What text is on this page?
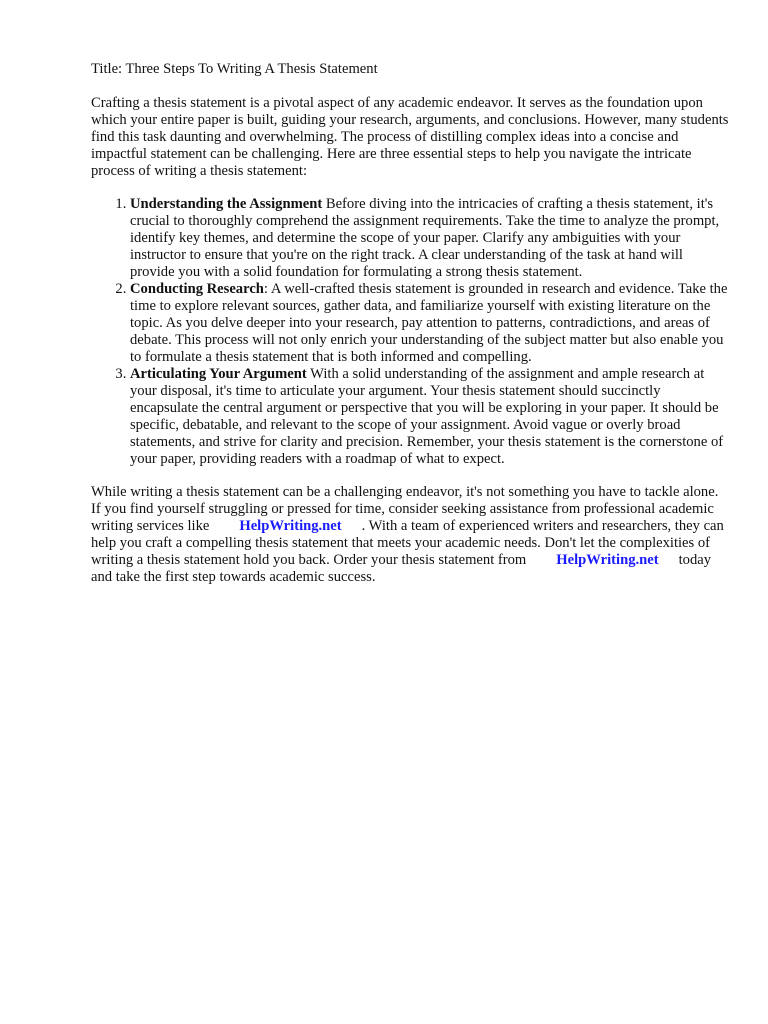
Title: Three Steps To Writing A Thesis Statement

Crafting a thesis statement is a pivotal aspect of any academic endeavor. It serves as the foundation upon which your entire paper is built, guiding your research, arguments, and conclusions. However, many students find this task daunting and overwhelming. The process of distilling complex ideas into a concise and impactful statement can be challenging. Here are three essential steps to help you navigate the intricate process of writing a thesis statement:

1. Understanding the Assignment Before diving into the intricacies of crafting a thesis statement, it's crucial to thoroughly comprehend the assignment requirements. Take the time to analyze the prompt, identify key themes, and determine the scope of your paper. Clarify any ambiguities with your instructor to ensure that you're on the right track. A clear understanding of the task at hand will provide you with a solid foundation for formulating a strong thesis statement.
2. Conducting Research: A well-crafted thesis statement is grounded in research and evidence. Take the time to explore relevant sources, gather data, and familiarize yourself with existing literature on the topic. As you delve deeper into your research, pay attention to patterns, contradictions, and areas of debate. This process will not only enrich your understanding of the subject matter but also enable you to formulate a thesis statement that is both informed and compelling.
3. Articulating Your Argument With a solid understanding of the assignment and ample research at your disposal, it's time to articulate your argument. Your thesis statement should succinctly encapsulate the central argument or perspective that you will be exploring in your paper. It should be specific, debatable, and relevant to the scope of your assignment. Avoid vague or overly broad statements, and strive for clarity and precision. Remember, your thesis statement is the cornerstone of your paper, providing readers with a roadmap of what to expect.

While writing a thesis statement can be a challenging endeavor, it's not something you have to tackle alone. If you find yourself struggling or pressed for time, consider seeking assistance from professional academic writing services like HelpWriting.net . With a team of experienced writers and researchers, they can help you craft a compelling thesis statement that meets your academic needs. Don't let the complexities of writing a thesis statement hold you back. Order your thesis statement from HelpWriting.net today and take the first step towards academic success.
